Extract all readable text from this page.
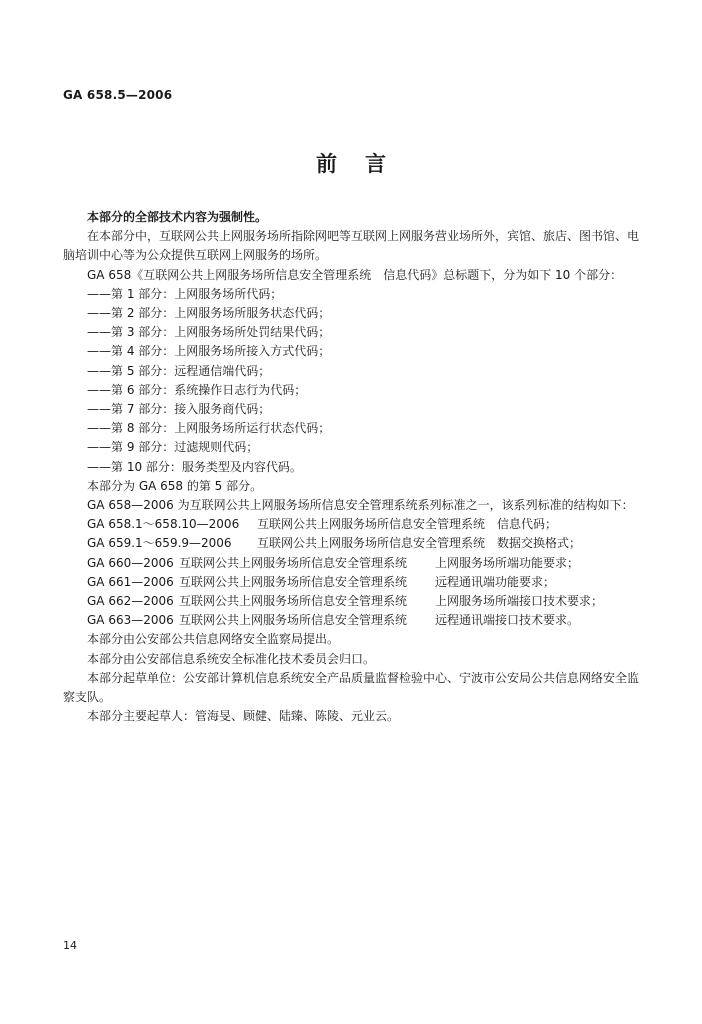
GA 658.5—2006
前言

本部分的全部技术内容为强制性。

在本部分中，互联网公共上网服务场所指除网吧等互联网上网服务营业场所外，宾馆、旅店、图书馆、电脑培训中心等为公众提供互联网上网服务的场所。

GA 658《互联网公共上网服务场所信息安全管理系统　信息代码》总标题下，分为如下 10 个部分：

——第 1 部分：上网服务场所代码；

——第 2 部分：上网服务场所服务状态代码；

——第 3 部分：上网服务场所处罚结果代码；

——第 4 部分：上网服务场所接入方式代码；

——第 5 部分：远程通信端代码；

——第 6 部分：系统操作日志行为代码；

——第 7 部分：接入服务商代码；

——第 8 部分：上网服务场所运行状态代码；

——第 9 部分：过滤规则代码；

——第 10 部分：服务类型及内容代码。

本部分为 GA 658 的第 5 部分。

GA 658—2006 为互联网公共上网服务场所信息安全管理系统系列标准之一，该系列标准的结构如下：

GA 658.1～658.10—2006	互联网公共上网服务场所信息安全管理系统 信息代码；
GA 659.1～659.9—2006	互联网公共上网服务场所信息安全管理系统 数据交换格式；
GA 660—2006 互联网公共上网服务场所信息安全管理系统	上网服务场所端功能要求；
GA 661—2006 互联网公共上网服务场所信息安全管理系统	远程通讯端功能要求；
GA 662—2006 互联网公共上网服务场所信息安全管理系统	上网服务场所端接口技术要求；
GA 663—2006 互联网公共上网服务场所信息安全管理系统	远程通讯端接口技术要求。

本部分由公安部公共信息网络安全监察局提出。

本部分由公安部信息系统安全标准化技术委员会归口。

本部分起草单位：公安部计算机信息系统安全产品质量监督检验中心、宁波市公安局公共信息网络安全监察支队。

本部分主要起草人：管海旻、顾健、陆臻、陈陵、元业云。

14
